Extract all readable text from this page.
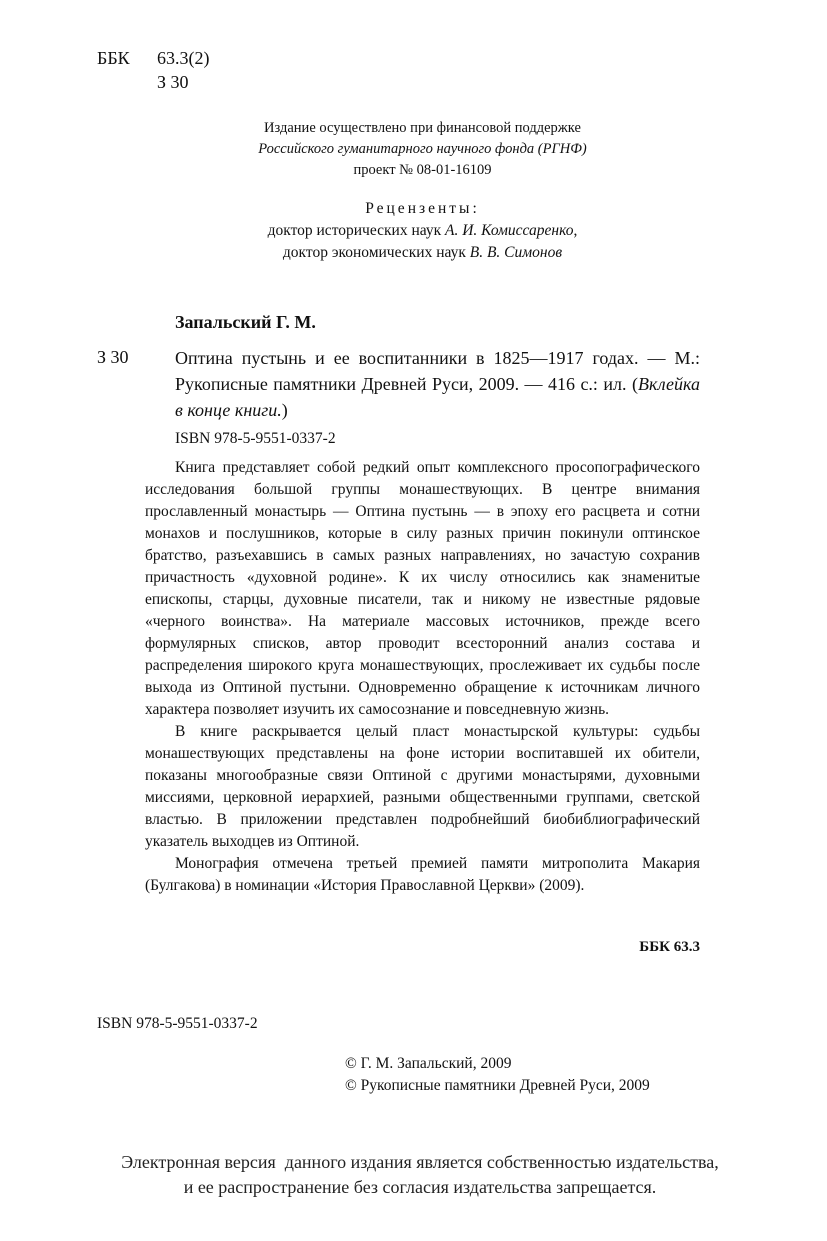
ББК	63.3(2)
З 30
Издание осуществлено при финансовой поддержке
Российского гуманитарного научного фонда (РГНФ)
проект № 08-01-16109
Рецензенты:
доктор исторических наук А. И. Комиссаренко,
доктор экономических наук В. В. Симонов
Запальский Г. М.
З 30	Оптина пустынь и ее воспитанники в 1825—1917 годах. — М.: Рукописные памятники Древней Руси, 2009. — 416 с.: ил. (Вклейка в конце книги.)
ISBN 978-5-9551-0337-2

Книга представляет собой редкий опыт комплексного просопографического исследования большой группы монашествующих. В центре внимания прославленный монастырь — Оптина пустынь — в эпоху его расцвета и сотни монахов и послушников, которые в силу разных причин покинули оптинское братство, разъехавшись в самых разных направлениях, но зачастую сохранив причастность «духовной родине». К их числу относились как знаменитые епископы, старцы, духовные писатели, так и никому не известные рядовые «черного воинства». На материале массовых источников, прежде всего формулярных списков, автор проводит всесторонний анализ состава и распределения широкого круга монашествующих, прослеживает их судьбы после выхода из Оптиной пустыни. Одновременно обращение к источникам личного характера позволяет изучить их самосознание и повседневную жизнь.

В книге раскрывается целый пласт монастырской культуры: судьбы монашествующих представлены на фоне истории воспитавшей их обители, показаны многообразные связи Оптиной с другими монастырями, духовными миссиями, церковной иерархией, разными общественными группами, светской властью. В приложении представлен подробнейший биобиблиографический указатель выходцев из Оптиной.

Монография отмечена третьей премией памяти митрополита Макария (Булгакова) в номинации «История Православной Церкви» (2009).

ББК 63.3
ISBN 978-5-9551-0337-2
© Г. М. Запальский, 2009
© Рукописные памятники Древней Руси, 2009
Электронная версия  данного издания является собственностью издательства,
и ее распространение без согласия издательства запрещается.
